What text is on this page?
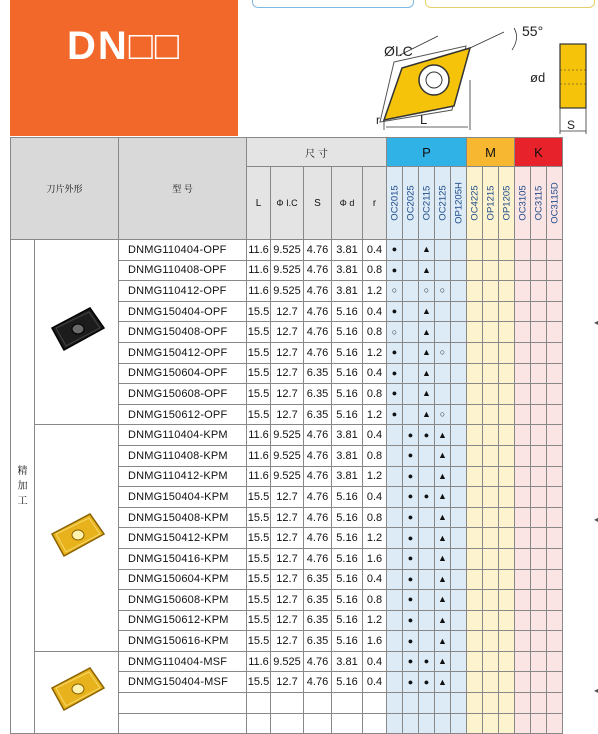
DN□□	ØI.C
55°
r	L
ød
S
刀片外形		型 号	尺 寸					P					M			K		
			L	Φ I.C	S	Φ d	r	OC2015	OC2025	OC2115	OC2125	OP1205H	OC4225	OP1215	OP1205	OC3105	OC3115	OC3115D

精
加
工		DNMG110404-OPF	11.6	9.525	4.76	3.81	0.4	●		▲								
		DNMG110408-OPF	11.6	9.525	4.76	3.81	0.8	●		▲								
		DNMG110412-OPF	11.6	9.525	4.76	3.81	1.2	○		○	○							
		DNMG150404-OPF	15.5	12.7	4.76	5.16	0.4	●		▲								
		DNMG150408-OPF	15.5	12.7	4.76	5.16	0.8	○		▲								
		DNMG150412-OPF	15.5	12.7	4.76	5.16	1.2	●		▲	○							
		DNMG150604-OPF	15.5	12.7	6.35	5.16	0.4	●		▲								
		DNMG150608-OPF	15.5	12.7	6.35	5.16	0.8	●		▲								
		DNMG150612-OPF	15.5	12.7	6.35	5.16	1.2	●		▲	○							
	DNMG110404-KPM	11.6	9.525	4.76	3.81	0.4		●	●	▲							
		DNMG110408-KPM	11.6	9.525	4.76	3.81	0.8		●		▲							
		DNMG110412-KPM	11.6	9.525	4.76	3.81	1.2		●		▲							
		DNMG150404-KPM	15.5	12.7	4.76	5.16	0.4		●	●	▲							
		DNMG150408-KPM	15.5	12.7	4.76	5.16	0.8		●		▲							
		DNMG150412-KPM	15.5	12.7	4.76	5.16	1.2		●		▲							
		DNMG150416-KPM	15.5	12.7	4.76	5.16	1.6		●		▲							
		DNMG150604-KPM	15.5	12.7	6.35	5.16	0.4		●		▲							
		DNMG150608-KPM	15.5	12.7	6.35	5.16	0.8		●		▲							
		DNMG150612-KPM	15.5	12.7	6.35	5.16	1.2		●		▲							
		DNMG150616-KPM	15.5	12.7	6.35	5.16	1.6		●		▲							
	DNMG110404-MSF	11.6	9.525	4.76	3.81	0.4		●	●	▲							
		DNMG150404-MSF	15.5	12.7	4.76	5.16	0.4		●	●	▲							

◂
◂
◂
